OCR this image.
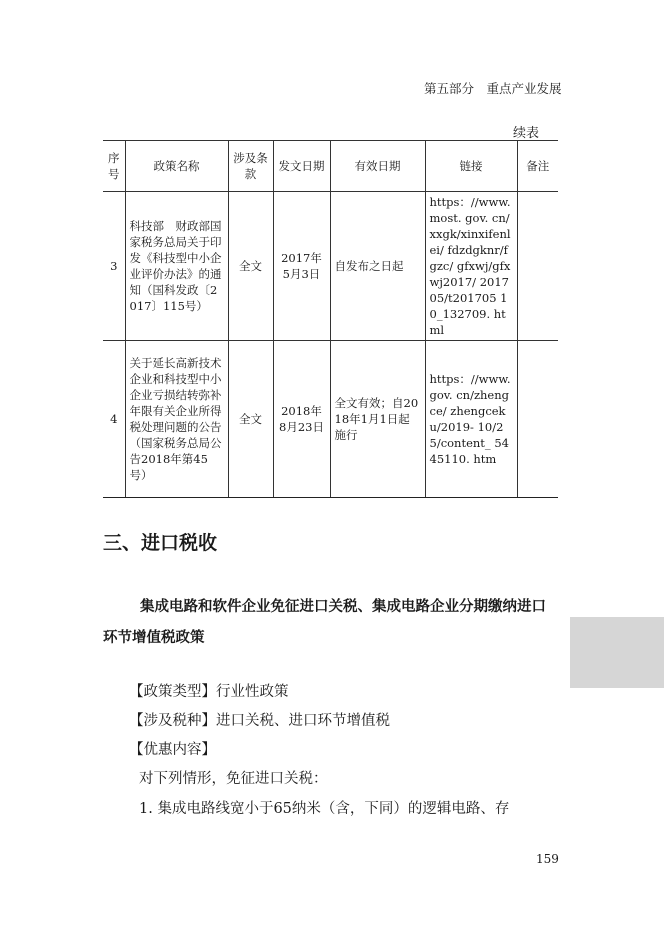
第五部分　重点产业发展
续表
序号	政策名称	涉及条款	发文日期	有效日期	链接	备注
3	科技部　财政部国家税务总局关于印发《科技型中小企业评价办法》的通知（国科发政〔2017〕115号）	全文	2017年5月3日	自发布之日起	https：//www. most. gov. cn/ xxgk/xinxifenlei/ fdzdgknr/fgzc/ gfxwj/gfxwj2017/ 201705/t201705 10_132709. html	
4	关于延长高新技术企业和科技型中小企业亏损结转弥补年限有关企业所得税处理问题的公告（国家税务总局公告2018年第45号）	全文	2018年8月23日	全文有效；自2018年1月1日起施行	https：//www. gov. cn/zhengce/ zhengceku/2019- 10/25/content_ 5445110. htm	
三、进口税收
集成电路和软件企业免征进口关税、集成电路企业分期缴纳进口环节增值税政策
【政策类型】行业性政策
【涉及税种】进口关税、进口环节增值税
【优惠内容】
对下列情形，免征进口关税：
1. 集成电路线宽小于65纳米（含，下同）的逻辑电路、存
159
